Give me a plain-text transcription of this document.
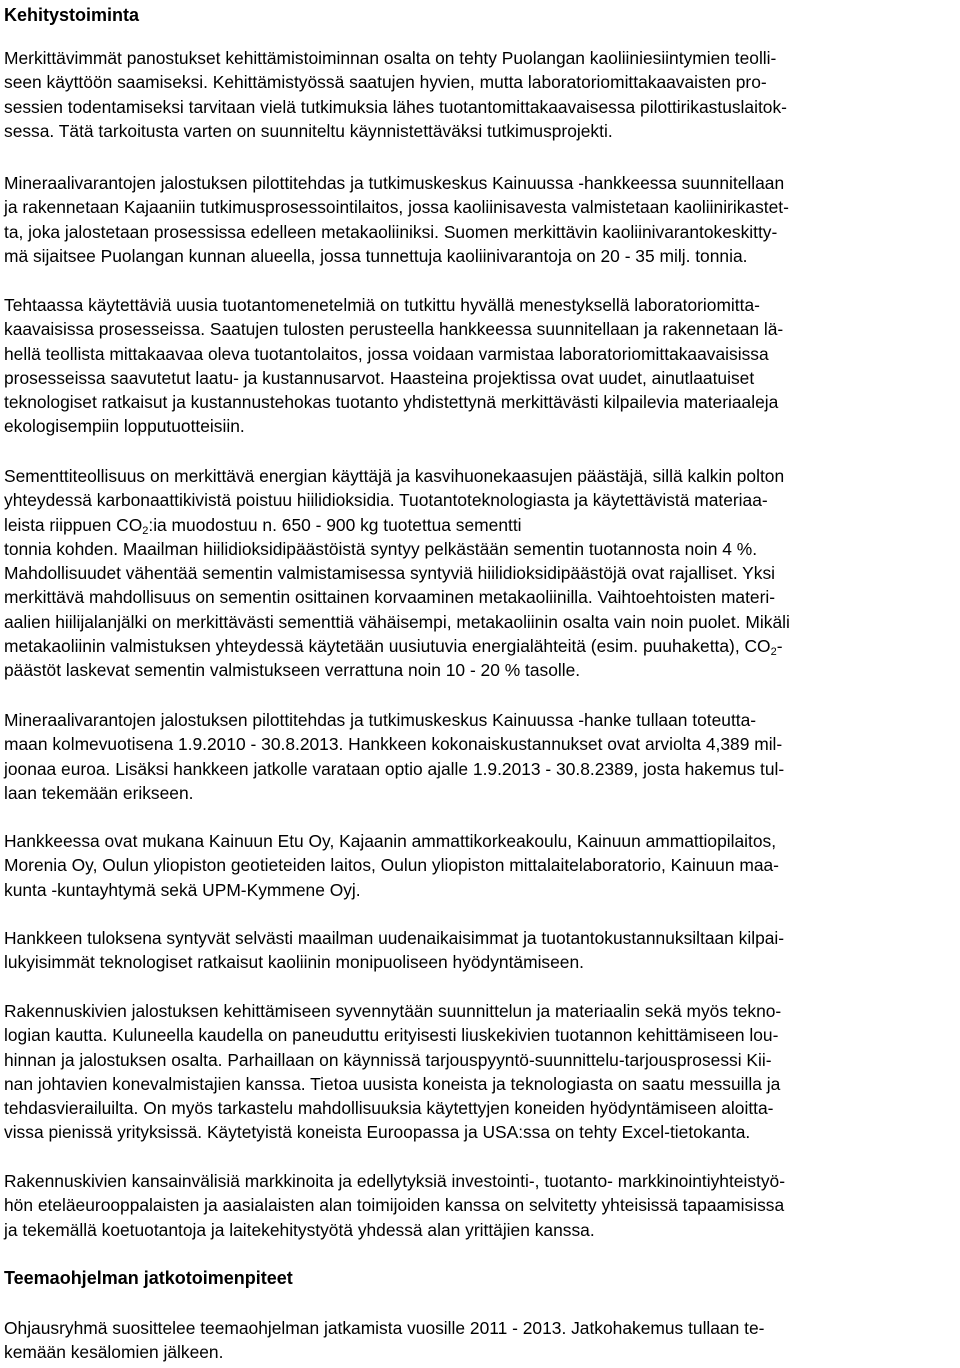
Kehitystoiminta
Merkittävimmät panostukset kehittämistoiminnan osalta on tehty Puolangan kaoliiniesiintymien teolli-
seen käyttöön saamiseksi. Kehittämistyössä saatujen hyvien, mutta laboratoriomittakaavaisten pro-
sessien todentamiseksi tarvitaan vielä tutkimuksia lähes tuotantomittakaavaisessa pilottirikastuslaitok-
sessa. Tätä tarkoitusta varten on suunniteltu käynnistettäväksi tutkimusprojekti.
Mineraalivarantojen jalostuksen pilottitehdas ja tutkimuskeskus Kainuussa -hankkeessa suunnitellaan
ja rakennetaan Kajaaniin tutkimusprosessointilaitos, jossa kaoliinisavesta valmistetaan kaoliinirikastet-
ta, joka jalostetaan prosessissa edelleen metakaoliiniksi. Suomen merkittävin kaoliinivarantokeskitty-
mä sijaitsee Puolangan kunnan alueella, jossa tunnettuja kaoliinivarantoja on 20 - 35 milj. tonnia.
Tehtaassa käytettäviä uusia tuotantomenetelmiä on tutkittu hyvällä menestyksellä laboratoriomitta-
kaavaisissa prosesseissa. Saatujen tulosten perusteella hankkeessa suunnitellaan ja rakennetaan lä-
hellä teollista mittakaavaa oleva tuotantolaitos, jossa voidaan varmistaa laboratoriomittakaavaisissa
prosesseissa saavutetut laatu- ja kustannusarvot. Haasteina projektissa ovat uudet, ainutlaatuiset
teknologiset ratkaisut ja kustannustehokas tuotanto yhdistettynä merkittävästi kilpailevia materiaaleja
ekologisempiin lopputuotteisiin.
Sementtiteollisuus on merkittävä energian käyttäjä ja kasvihuonekaasujen päästäjä, sillä kalkin polton
yhteydessä karbonaattikivistä poistuu hiilidioksidia. Tuotantoteknologiasta ja käytettävistä materiaa-
leista riippuen $CO_2:ia$ muodostuu n. 650 - 900 kg tuotettua sementti
tonnia kohden. Maailman hiilidioksidipäästöistä syntyy pelkästään sementin tuotannosta noin 4 %.
Mahdollisuudet vähentää sementin valmistamisessa syntyviä hiilidioksidipäästöjä ovat rajalliset. Yksi
merkittävä mahdollisuus on sementin osittainen korvaaminen metakaoliinilla. Vaihtoehtoisten materi-
aalien hiilijalanjälki on merkittävästi sementtiä vähäisempi, metakaoliinin osalta vain noin puolet. Mikäli
metakaoliinin valmistuksen yhteydessä käytetään uusiutuvia energialähteitä (esim. puuhaketta), $CO_2-$
päästöt laskevat sementin valmistukseen verrattuna noin 10 - 20 % tasolle.
Mineraalivarantojen jalostuksen pilottitehdas ja tutkimuskeskus Kainuussa -hanke tullaan toteutta-
maan kolmevuotisena 1.9.2010 - 30.8.2013. Hankkeen kokonaiskustannukset ovat arviolta 4,389 mil-
joonaa euroa. Lisäksi hankkeen jatkolle varataan optio ajalle 1.9.2013 - 30.8.2389, josta hakemus tul-
laan tekemään erikseen.
Hankkeessa ovat mukana Kainuun Etu Oy, Kajaanin ammattikorkeakoulu, Kainuun ammattiopilaitos,
Morenia Oy, Oulun yliopiston geotieteiden laitos, Oulun yliopiston mittalaitelaboratorio, Kainuun maa-
kunta -kuntayhtymä sekä UPM-Kymmene Oyj.
Hankkeen tuloksena syntyvät selvästi maailman uudenaikaisimmat ja tuotantokustannuksiltaan kilpai-
lukyisimmät teknologiset ratkaisut kaoliinin monipuoliseen hyödyntämiseen.
Rakennuskivien jalostuksen kehittämiseen syvennytään suunnittelun ja materiaalin sekä myös tekno-
logian kautta. Kuluneella kaudella on paneuduttu erityisesti liuskekivien tuotannon kehittämiseen lou-
hinnan ja jalostuksen osalta. Parhaillaan on käynnissä tarjouspyyntö-suunnittelu-tarjousprosessi Kii-
nan johtavien konevalmistajien kanssa. Tietoa uusista koneista ja teknologiasta on saatu messuilla ja
tehdasvierailuilta. On myös tarkastelu mahdollisuuksia käytettyjen koneiden hyödyntämiseen aloitta-
vissa pienissä yrityksissä. Käytetyistä koneista Euroopassa ja USA:ssa on tehty Excel-tietokanta.
Rakennuskivien kansainvälisiä markkinoita ja edellytyksiä investointi-, tuotanto- markkinointiyhteistyö-
hön eteläeurooppalaisten ja aasialaisten alan toimijoiden kanssa on selvitetty yhteisissä tapaamisissa
ja tekemällä koetuotantoja ja laitekehitystyötä yhdessä alan yrittäjien kanssa.
Teemaohjelman jatkotoimenpiteet
Ohjausryhmä suosittelee teemaohjelman jatkamista vuosille 2011 - 2013. Jatkohakemus tullaan te-
kemään kesälomien jälkeen.
